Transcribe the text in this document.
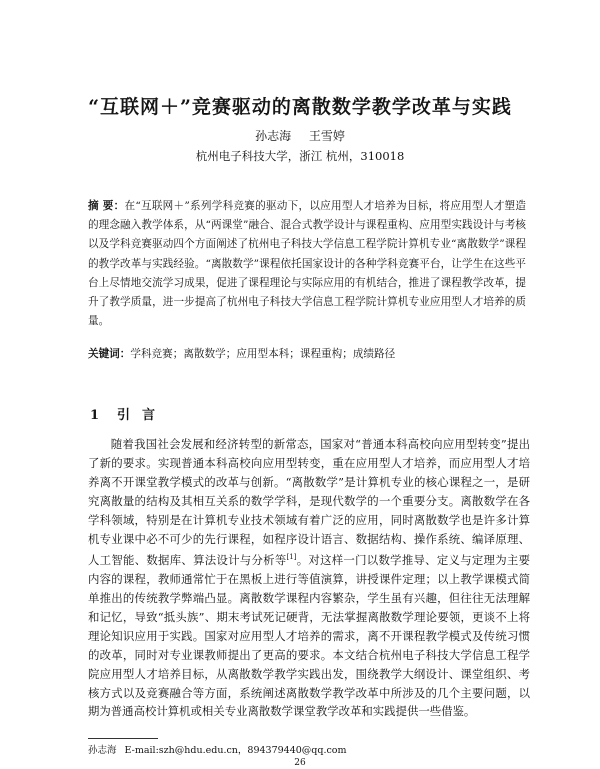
“互联网＋”竞赛驱动的离散数学教学改革与实践
孙志海 王雪婷
杭州电子科技大学，浙江 杭州，310018
摘 要：在“互联网＋”系列学科竞赛的驱动下，以应用型人才培养为目标，将应用型人才塑造的理念融入教学体系，从“两课堂”融合、混合式教学设计与课程重构、应用型实践设计与考核以及学科竞赛驱动四个方面阐述了杭州电子科技大学信息工程学院计算机专业“离散数学”课程的教学改革与实践经验。“离散数学”课程依托国家设计的各种学科竞赛平台，让学生在这些平台上尽情地交流学习成果，促进了课程理论与实际应用的有机结合，推进了课程教学改革，提升了教学质量，进一步提高了杭州电子科技大学信息工程学院计算机专业应用型人才培养的质量。
关键词：学科竞赛；离散数学；应用型本科；课程重构；成绩路径
1 引言
随着我国社会发展和经济转型的新常态，国家对“普通本科高校向应用型转变”提出了新的要求。实现普通本科高校向应用型转变，重在应用型人才培养，而应用型人才培养离不开课堂教学模式的改革与创新。“离散数学”是计算机专业的核心课程之一，是研究离散量的结构及其相互关系的数学学科，是现代数学的一个重要分支。离散数学在各学科领域，特别是在计算机专业技术领域有着广泛的应用，同时离散数学也是许多计算机专业课中必不可少的先行课程，如程序设计语言、数据结构、操作系统、编译原理、人工智能、数据库、算法设计与分析等[1]。对这样一门以数学推导、定义与定理为主要内容的课程，教师通常忙于在黑板上进行等值演算，讲授课件定理；以上教学课模式简单推出的传统教学弊端凸显。离散数学课程内容繁杂，学生虽有兴趣，但往往无法理解和记忆，导致“抵头族”、期末考试死记硬背，无法掌握离散数学理论要领，更谈不上将理论知识应用于实践。国家对应用型人才培养的需求，离不开课程教学模式及传统习惯的改革，同时对专业课教师提出了更高的要求。本文结合杭州电子科技大学信息工程学院应用型人才培养目标，从离散数学教学实践出发，围绕教学大纲设计、课堂组织、考核方式以及竞赛融合等方面，系统阐述离散数学教学改革中所涉及的几个主要问题，以期为普通高校计算机或相关专业离散数学课堂教学改革和实践提供一些借鉴。
孙志海 E-mail:szh@hdu.edu.cn，894379440@qq.com
26
